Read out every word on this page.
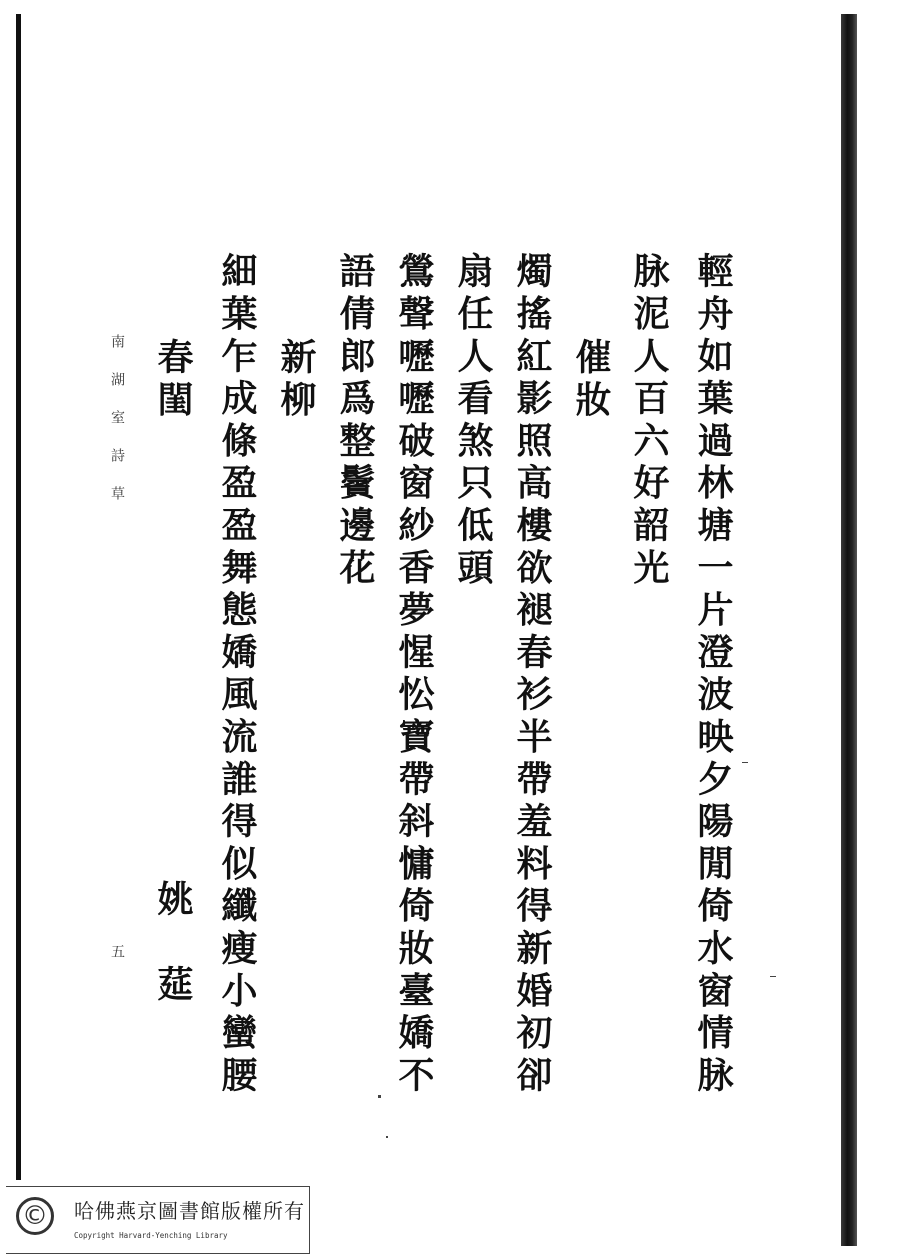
輕舟如葉過林塘一片澄波映夕陽閒倚水窗情脉
脉泥人百六好韶光
催妝
燭搖紅影照高樓欲褪春衫半帶羞料得新婚初卻
扇任人看煞只低頭
鶯聲嚦嚦破窗紗香夢惺忪寶帶斜慵倚妝臺嬌不
語倩郎爲整鬢邊花
新柳
細葉乍成條盈盈舞態嬌風流誰得似纖瘦小蠻腰
春閨
姚　莚
南湖室詩草
五
©	哈佛燕京圖書館版權所有
Copyright Harvard-Yenching Library
